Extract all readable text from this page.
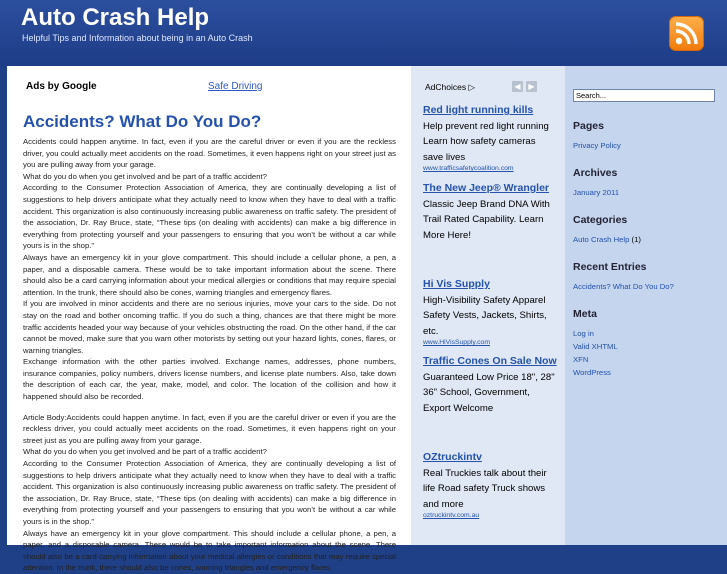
Auto Crash Help
Helpful Tips and Information about being in an Auto Crash
Ads by Google	Safe Driving
Accidents? What Do You Do?

Accidents could happen anytime. In fact, even if you are the careful driver or even if you are the reckless driver, you could actually meet accidents on the road. Sometimes, it even happens right on your street just as you are pulling away from your garage.

What do you do when you get involved and be part of a traffic accident?

According to the Consumer Protection Association of America, they are continually developing a list of suggestions to help drivers anticipate what they actually need to know when they have to deal with a traffic accident. This organization is also continuously increasing public awareness on traffic safety. The president of the association, Dr. Ray Bruce, state, “These tips (on dealing with accidents) can make a big difference in everything from protecting yourself and your passengers to ensuring that you won’t be without a car while yours is in the shop.”

Always have an emergency kit in your glove compartment. This should include a cellular phone, a pen, a paper, and a disposable camera. These would be to take important information about the scene. There should also be a card carrying information about your medical allergies or conditions that may require special attention. In the trunk, there should also be cones, warning triangles and emergency flares.

If you are involved in minor accidents and there are no serious injuries, move your cars to the side. Do not stay on the road and bother oncoming traffic. If you do such a thing, chances are that there might be more traffic accidents headed your way because of your vehicles obstructing the road. On the other hand, if the car cannot be moved, make sure that you warn other motorists by setting out your hazard lights, cones, flares, or warning triangles.

Exchange information with the other parties involved. Exchange names, addresses, phone numbers, insurance companies, policy numbers, drivers license numbers, and license plate numbers. Also, take down the description of each car, the year, make, model, and color. The location of the collision and how it happened should also be recorded.

Article Body:Accidents could happen anytime. In fact, even if you are the careful driver or even if you are the reckless driver, you could actually meet accidents on the road. Sometimes, it even happens right on your street just as you are pulling away from your garage.

What do you do when you get involved and be part of a traffic accident?

According to the Consumer Protection Association of America, they are continually developing a list of suggestions to help drivers anticipate what they actually need to know when they have to deal with a traffic accident. This organization is also continuously increasing public awareness on traffic safety. The president of the association, Dr. Ray Bruce, state, “These tips (on dealing with accidents) can make a big difference in everything from protecting yourself and your passengers to ensuring that you won’t be without a car while yours is in the shop.”

Always have an emergency kit in your glove compartment. This should include a cellular phone, a pen, a paper, and a disposable camera. These would be to take important information about the scene. There should also be a card carrying information about your medical allergies or conditions that may require special attention. In the trunk, there should also be cones, warning triangles and emergency flares.

AdChoices ▷	◀ ▶

Red light running kills

Help prevent red light running Learn how safety cameras save lives

www.trafficsafetycoalition.com

The New Jeep® Wrangler

Classic Jeep Brand DNA With Trail Rated Capability. Learn More Here!

Hi Vis Supply

High-Visibility Safety Apparel Safety Vests, Jackets, Shirts, etc.

www.HiVisSupply.com

Traffic Cones On Sale Now

Guaranteed Low Price 18", 28" 36" School, Government, Export Welcome

OZtruckintv

Real Truckies talk about their life Road safety Truck shows and more

oztruckintv.com.au
Search...
Pages
Privacy Policy
Archives
January 2011
Categories
Auto Crash Help (1)
Recent Entries
Accidents? What Do You Do?
Meta
Log in
Valid XHTML
XFN
WordPress
